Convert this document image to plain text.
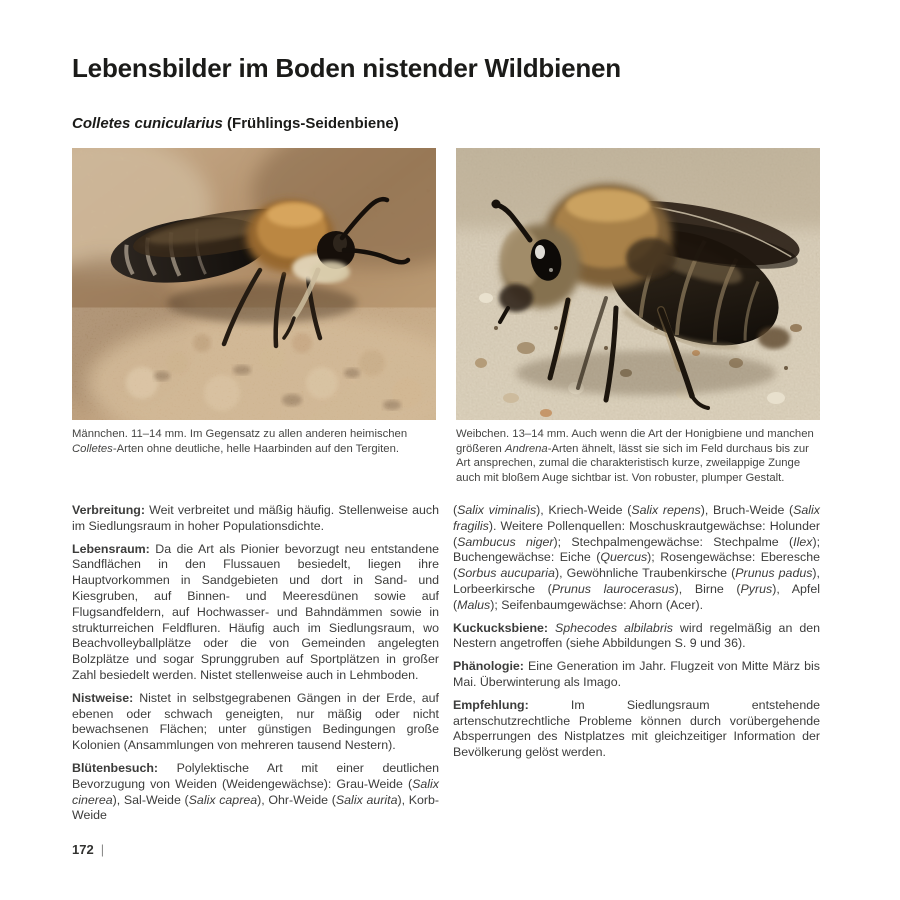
Lebensbilder im Boden nistender Wildbienen
Colletes cunicularius (Frühlings-Seidenbiene)
Männchen. 11–14 mm. Im Gegensatz zu allen anderen heimischen Colletes-Arten ohne deutliche, helle Haarbinden auf den Tergiten.
Weibchen. 13–14 mm. Auch wenn die Art der Honigbiene und manchen größeren Andrena-Arten ähnelt, lässt sie sich im Feld durchaus bis zur Art ansprechen, zumal die charakteristisch kurze, zweilappige Zunge auch mit bloßem Auge sichtbar ist. Von robuster, plumper Gestalt.

Verbreitung: Weit verbreitet und mäßig häufig. Stellenweise auch im Siedlungsraum in hoher Populationsdichte.

Lebensraum: Da die Art als Pionier bevorzugt neu entstandene Sandflächen in den Flussauen besiedelt, liegen ihre Hauptvorkommen in Sandgebieten und dort in Sand- und Kiesgruben, auf Binnen- und Meeresdünen sowie auf Flugsandfeldern, auf Hochwasser- und Bahndämmen sowie in strukturreichen Feldfluren. Häufig auch im Siedlungsraum, wo Beachvolleyballplätze oder die von Gemeinden angelegten Bolzplätze und sogar Sprunggruben auf Sportplätzen in großer Zahl besiedelt werden. Nistet stellenweise auch in Lehmboden.

Nistweise: Nistet in selbstgegrabenen Gängen in der Erde, auf ebenen oder schwach geneigten, nur mäßig oder nicht bewachsenen Flächen; unter günstigen Bedingungen große Kolonien (Ansammlungen von mehreren tausend Nestern).

Blütenbesuch: Polylektische Art mit einer deutlichen Bevorzugung von Weiden (Weidengewächse): Grau-Weide (Salix cinerea), Sal-Weide (Salix caprea), Ohr-Weide (Salix aurita), Korb-Weide

(Salix viminalis), Kriech-Weide (Salix repens), Bruch-Weide (Salix fragilis). Weitere Pollenquellen: Moschuskrautgewächse: Holunder (Sambucus niger); Stechpalmengewächse: Stechpalme (Ilex); Buchengewächse: Eiche (Quercus); Rosengewächse: Eberesche (Sorbus aucuparia), Gewöhnliche Traubenkirsche (Prunus padus), Lorbeerkirsche (Prunus laurocerasus), Birne (Pyrus), Apfel (Malus); Seifenbaumgewächse: Ahorn (Acer).

Kuckucksbiene: Sphecodes albilabris wird regelmäßig an den Nestern angetroffen (siehe Abbildungen S. 9 und 36).

Phänologie: Eine Generation im Jahr. Flugzeit von Mitte März bis Mai. Überwinterung als Imago.

Empfehlung: Im Siedlungsraum entstehende artenschutzrechtliche Probleme können durch vorübergehende Absperrungen des Nistplatzes mit gleichzeitiger Information der Bevölkerung gelöst werden.

172 |
